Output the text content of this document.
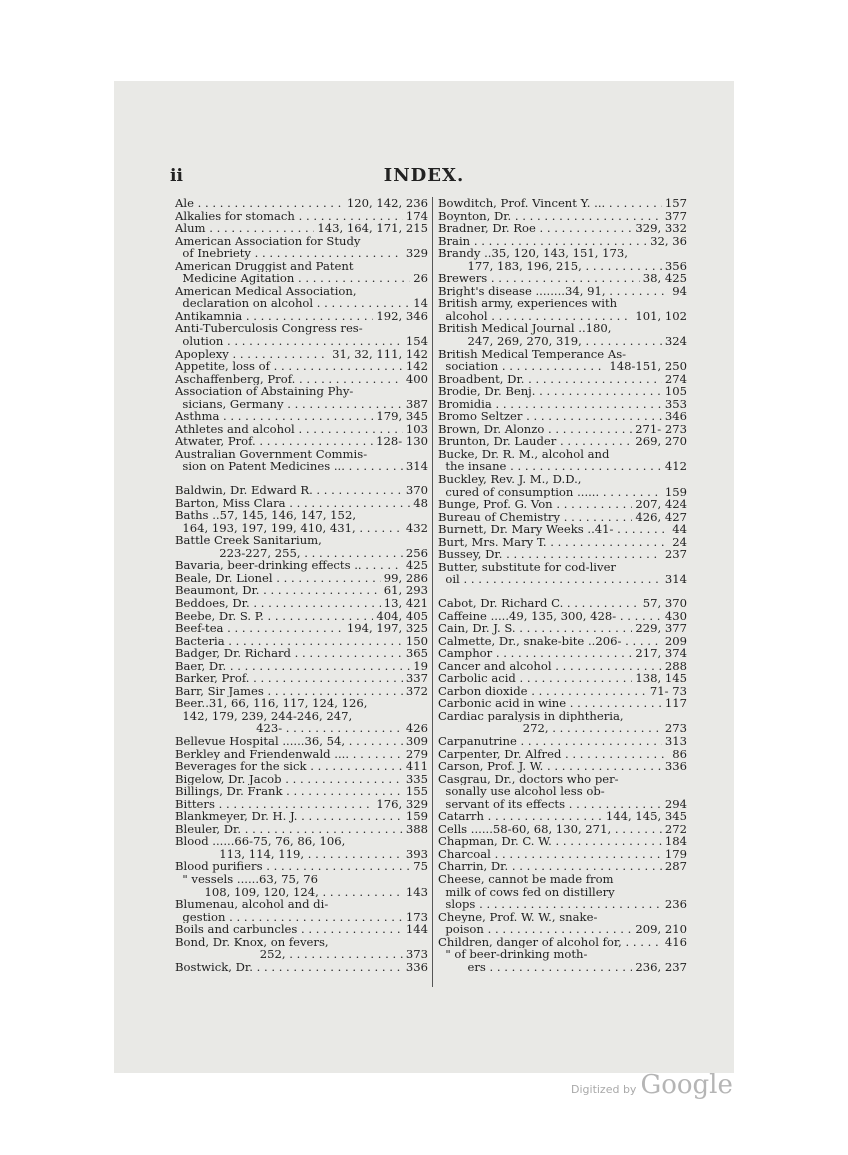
ii	INDEX.
Ale . . .	120, 142, 236
Alkalies for stomach . . .	174
Alum . . .	143, 164, 171, 215
American Association for Study
of Inebriety . . .	329
American Druggist and Patent
Medicine Agitation . . .	26
American Medical Association,
declaration on alcohol . . .	14
Antikamnia . . .	192, 346
Anti-Tuberculosis Congress res-
olution . . .	154
Apoplexy . . .	31, 32, 111, 142
Appetite, loss of . . .	142
Aschaffenberg, Prof. . . .	400
Association of Abstaining Phy-
sicians, Germany . . .	387
Asthma . . .	179, 345
Athletes and alcohol . . .	103
Atwater, Prof. . . .	128- 130
Australian Government Commis-
sion on Patent Medicines ... . . .	314
Baldwin, Dr. Edward R. . . .	370
Barton, Miss Clara . . .	48
Baths ..57, 145, 146, 147, 152,
164, 193, 197, 199, 410, 431, . . .	432
Battle Creek Sanitarium,
223-227, 255, . . .	256
Bavaria, beer-drinking effects .. . . .	425
Beale, Dr. Lionel . . .	99, 286
Beaumont, Dr. . . .	61, 293
Beddoes, Dr. . . .	13, 421
Beebe, Dr. S. P. . . .	404, 405
Beef-tea . . .	194, 197, 325
Bacteria . . .	150
Badger, Dr. Richard . . .	365
Baer, Dr. . . .	19
Barker, Prof. . . .	337
Barr, Sir James . . .	372
Beer..31, 66, 116, 117, 124, 126,
142, 179, 239, 244-246, 247,
423- . . .	426
Bellevue Hospital ......36, 54, . . .	309
Berkley and Friendenwald .... . . .	279
Beverages for the sick . . .	411
Bigelow, Dr. Jacob . . .	335
Billings, Dr. Frank . . .	155
Bitters . . .	176, 329
Blankmeyer, Dr. H. J. . . .	159
Bleuler, Dr. . . .	388
Blood ......66-75, 76, 86, 106,
113, 114, 119, . . .	393
Blood purifiers . . .	75
" vessels ......63, 75, 76
108, 109, 120, 124, . . .	143
Blumenau, alcohol and di-
gestion . . .	173
Boils and carbuncles . . .	144
Bond, Dr. Knox, on fevers,
252, . . .	373
Bostwick, Dr. . . .	336
Bowditch, Prof. Vincent Y. ... . . .	157
Boynton, Dr. . . .	377
Bradner, Dr. Roe . . .	329, 332
Brain . . .	32, 36
Brandy ..35, 120, 143, 151, 173,
177, 183, 196, 215, . . .	356
Brewers . . .	38, 425
Bright's disease ........34, 91, . . .	94
British army, experiences with
alcohol . . .	101, 102
British Medical Journal ..180,
247, 269, 270, 319, . . .	324
British Medical Temperance As-
sociation . . .	148-151, 250
Broadbent, Dr. . . .	274
Brodie, Dr. Benj. . . .	105
Bromidia . . .	353
Bromo Seltzer . . .	346
Brown, Dr. Alonzo . . .	271- 273
Brunton, Dr. Lauder . . .	269, 270
Bucke, Dr. R. M., alcohol and
the insane . . .	412
Buckley, Rev. J. M., D.D.,
cured of consumption ...... . . .	159
Bunge, Prof. G. Von . . .	207, 424
Bureau of Chemistry . . .	426, 427
Burnett, Dr. Mary Weeks ..41- . . .	44
Burt, Mrs. Mary T. . . .	24
Bussey, Dr. . . .	237
Butter, substitute for cod-liver
oil . . .	314
Cabot, Dr. Richard C. . . .	57, 370
Caffeine .....49, 135, 300, 428- . . .	430
Cain, Dr. J. S. . . .	229, 377
Calmette, Dr., snake-bite ..206- . . .	209
Camphor . . .	217, 374
Cancer and alcohol . . .	288
Carbolic acid . . .	138, 145
Carbon dioxide . . .	71- 73
Carbonic acid in wine . . .	117
Cardiac paralysis in diphtheria,
272, . . .	273
Carpanutrine . . .	313
Carpenter, Dr. Alfred . . .	86
Carson, Prof. J. W. . . .	336
Casgrau, Dr., doctors who per-
sonally use alcohol less ob-
servant of its effects . . .	294
Catarrh . . .	144, 145, 345
Cells ......58-60, 68, 130, 271, . . .	272
Chapman, Dr. C. W. . . .	184
Charcoal . . .	179
Charrin, Dr. . . .	287
Cheese, cannot be made from
milk of cows fed on distillery
slops . . .	236
Cheyne, Prof. W. W., snake-
poison . . .	209, 210
Children, danger of alcohol for, . . .	416
" of beer-drinking moth-
ers . . .	236, 237
Digitized by Google
